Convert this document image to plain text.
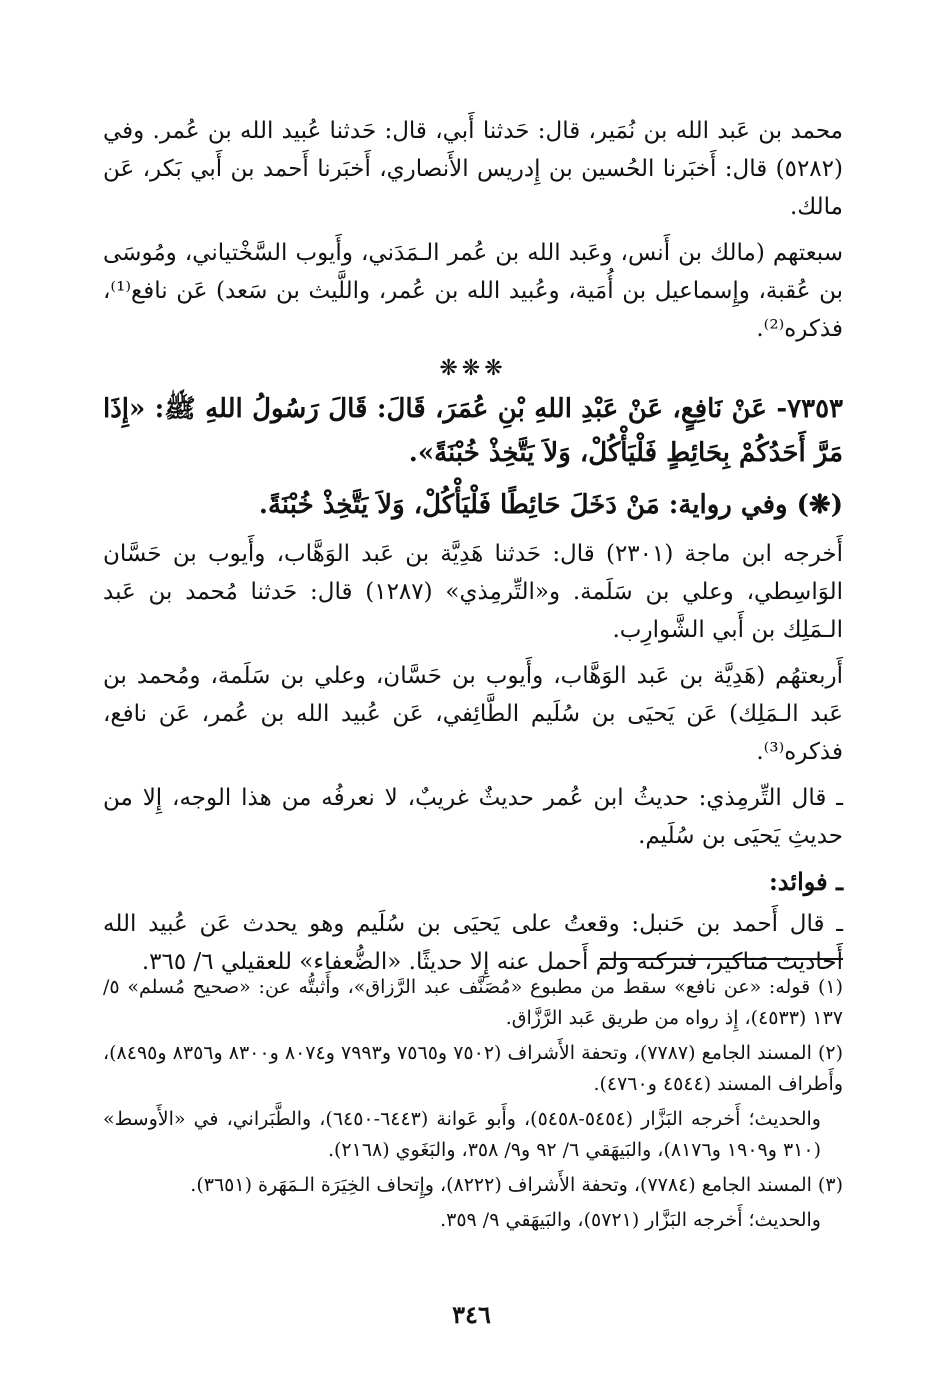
محمد بن عَبد الله بن نُمَير، قال: حَدثنا أَبي، قال: حَدثنا عُبيد الله بن عُمر. وفي (٥٢٨٢) قال: أَخبَرنا الحُسين بن إِدريس الأَنصاري، أَخبَرنا أَحمد بن أَبي بَكر، عَن مالك.

سبعتهم (مالك بن أَنس، وعَبد الله بن عُمر الـمَدَني، وأَيوب السَّخْتياني، ومُوسَى بن عُقبة، وإِسماعيل بن أُمَية، وعُبيد الله بن عُمر، واللَّيث بن سَعد) عَن نافع⁽¹⁾، فذكره⁽²⁾.

❋❋❋

٧٣٥٣- عَنْ نَافِعٍ، عَنْ عَبْدِ اللهِ بْنِ عُمَرَ، قَالَ: قَالَ رَسُولُ اللهِ ﷺ: «إِذَا مَرَّ أَحَدُكُمْ بِحَائِطٍ فَلْيَأْكُلْ، وَلاَ يَتَّخِذْ خُبْنَةً».

(❋) وفي رواية: مَنْ دَخَلَ حَائِطًا فَلْيَأْكُلْ، وَلاَ يَتَّخِذْ خُبْنَةً.

أَخرجه ابن ماجة (٢٣٠١) قال: حَدثنا هَدِيَّة بن عَبد الوَهَّاب، وأَيوب بن حَسَّان الوَاسِطي، وعلي بن سَلَمة. و«التِّرمِذي» (١٢٨٧) قال: حَدثنا مُحمد بن عَبد الـمَلِك بن أَبي الشَّوارِب.

أَربعتهُم (هَدِيَّة بن عَبد الوَهَّاب، وأَيوب بن حَسَّان، وعلي بن سَلَمة، ومُحمد بن عَبد الـمَلِك) عَن يَحيَى بن سُلَيم الطَّائِفي، عَن عُبيد الله بن عُمر، عَن نافع، فذكره⁽³⁾.

ـ قال التِّرمِذي: حديثُ ابن عُمر حديثٌ غريبٌ، لا نعرفُه من هذا الوجه، إِلا من حديثِ يَحيَى بن سُلَيم.

ـ فوائد:

ـ قال أَحمد بن حَنبل: وقعتُ على يَحيَى بن سُلَيم وهو يحدث عَن عُبيد الله أَحاديث مَناكير، فتركته ولم أَحمل عنه إِلا حديثًا. «الضُّعفاء» للعقيلي ٦/ ٣٦٥.

(١) قوله: «عن نافع» سقط من مطبوع «مُصَنَّف عبد الرَّزاق»، وأَثبتُّه عن: «صحيح مُسلم» ٥/ ١٣٧ (٤٥٣٣)، إِذ رواه من طريق عَبد الرَّزَّاق.

(٢) المسند الجامع (٧٧٨٧)، وتحفة الأَشراف (٧٥٠٢ و٧٥٦٥ و٧٩٩٣ و٨٠٧٤ و٨٣٠٠ و٨٣٥٦ و٨٤٩٥)، وأَطراف المسند (٤٥٤٤ و٤٧٦٠).

والحديث؛ أَخرجه البَزَّار (٥٤٥٤-٥٤٥٨)، وأَبو عَوانة (٦٤٤٣-٦٤٥٠)، والطَّبَراني، في «الأَوسط» (٣١٠ و١٩٠٩ و٨١٧٦)، والبَيهَقي ٦/ ٩٢ و٩/ ٣٥٨، والبَغَوي (٢١٦٨).

(٣) المسند الجامع (٧٧٨٤)، وتحفة الأَشراف (٨٢٢٢)، وإِتحاف الخِيَرَة الـمَهَرة (٣٦٥١).

والحديث؛ أَخرجه البَزَّار (٥٧٢١)، والبَيهَقي ٩/ ٣٥٩.

٣٤٦
